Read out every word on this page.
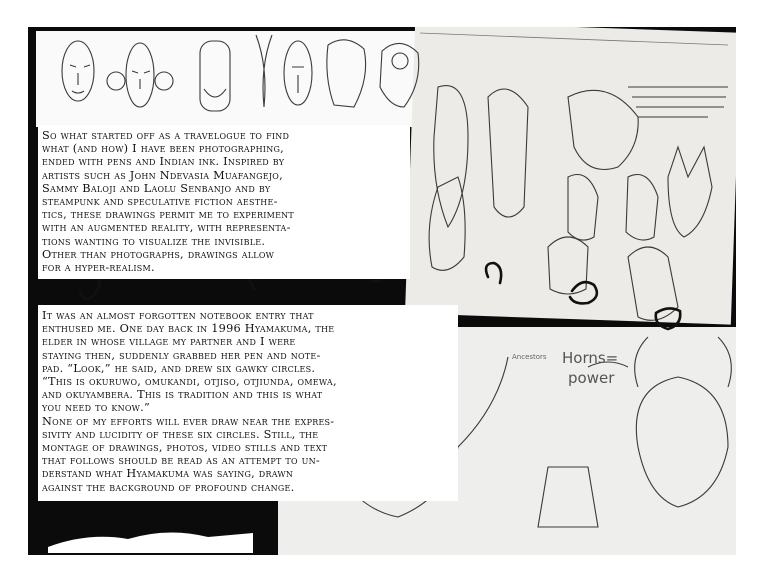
Horns=
power
Ancestors

So what started off as a travelogue to find
what (and how) I have been photographing,
ended with pens and Indian ink. Inspired by
artists such as John Ndevasia Muafangejo,
Sammy Baloji and Laolu Senbanjo and by
steampunk and speculative fiction aesthe-
tics, these drawings permit me to experiment
with an augmented reality, with representa-
tions wanting to visualize the invisible.
Other than photographs, drawings allow
for a hyper-realism.

It was an almost forgotten notebook entry that
enthused me. One day back in 1996 Hyamakuma, the
elder in whose village my partner and I were
staying then, suddenly grabbed her pen and note-
pad. “Look,” he said, and drew six gawky circles.
“This is okuruwo, omukandi, otjiso, otjiunda, omewa,
and okuyambera. This is tradition and this is what
you need to know.”
None of my efforts will ever draw near the expres-
sivity and lucidity of these six circles. Still, the
montage of drawings, photos, video stills and text
that follows should be read as an attempt to un-
derstand what Hyamakuma was saying, drawn
against the background of profound change.
